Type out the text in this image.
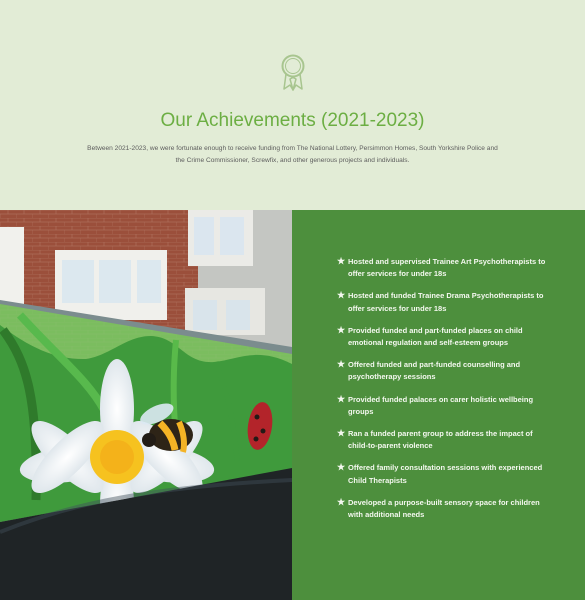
Our Achievements (2021-2023)

Between 2021-2023, we were fortunate enough to receive funding from The National Lottery, Persimmon Homes, South Yorkshire Police and the Crime Commissioner, Screwfix, and other generous projects and individuals.

★ Hosted and supervised Trainee Art Psychotherapists to offer services for under 18s
★ Hosted and funded Trainee Drama Psychotherapists to offer services for under 18s
★ Provided funded and part-funded places on child emotional regulation and self-esteem groups
★ Offered funded and part-funded counselling and psychotherapy sessions
★ Provided funded palaces on carer holistic wellbeing groups
★ Ran a funded parent group to address the impact of child-to-parent violence
★ Offered family consultation sessions with experienced Child Therapists
★ Developed a purpose-built sensory space for children with additional needs
